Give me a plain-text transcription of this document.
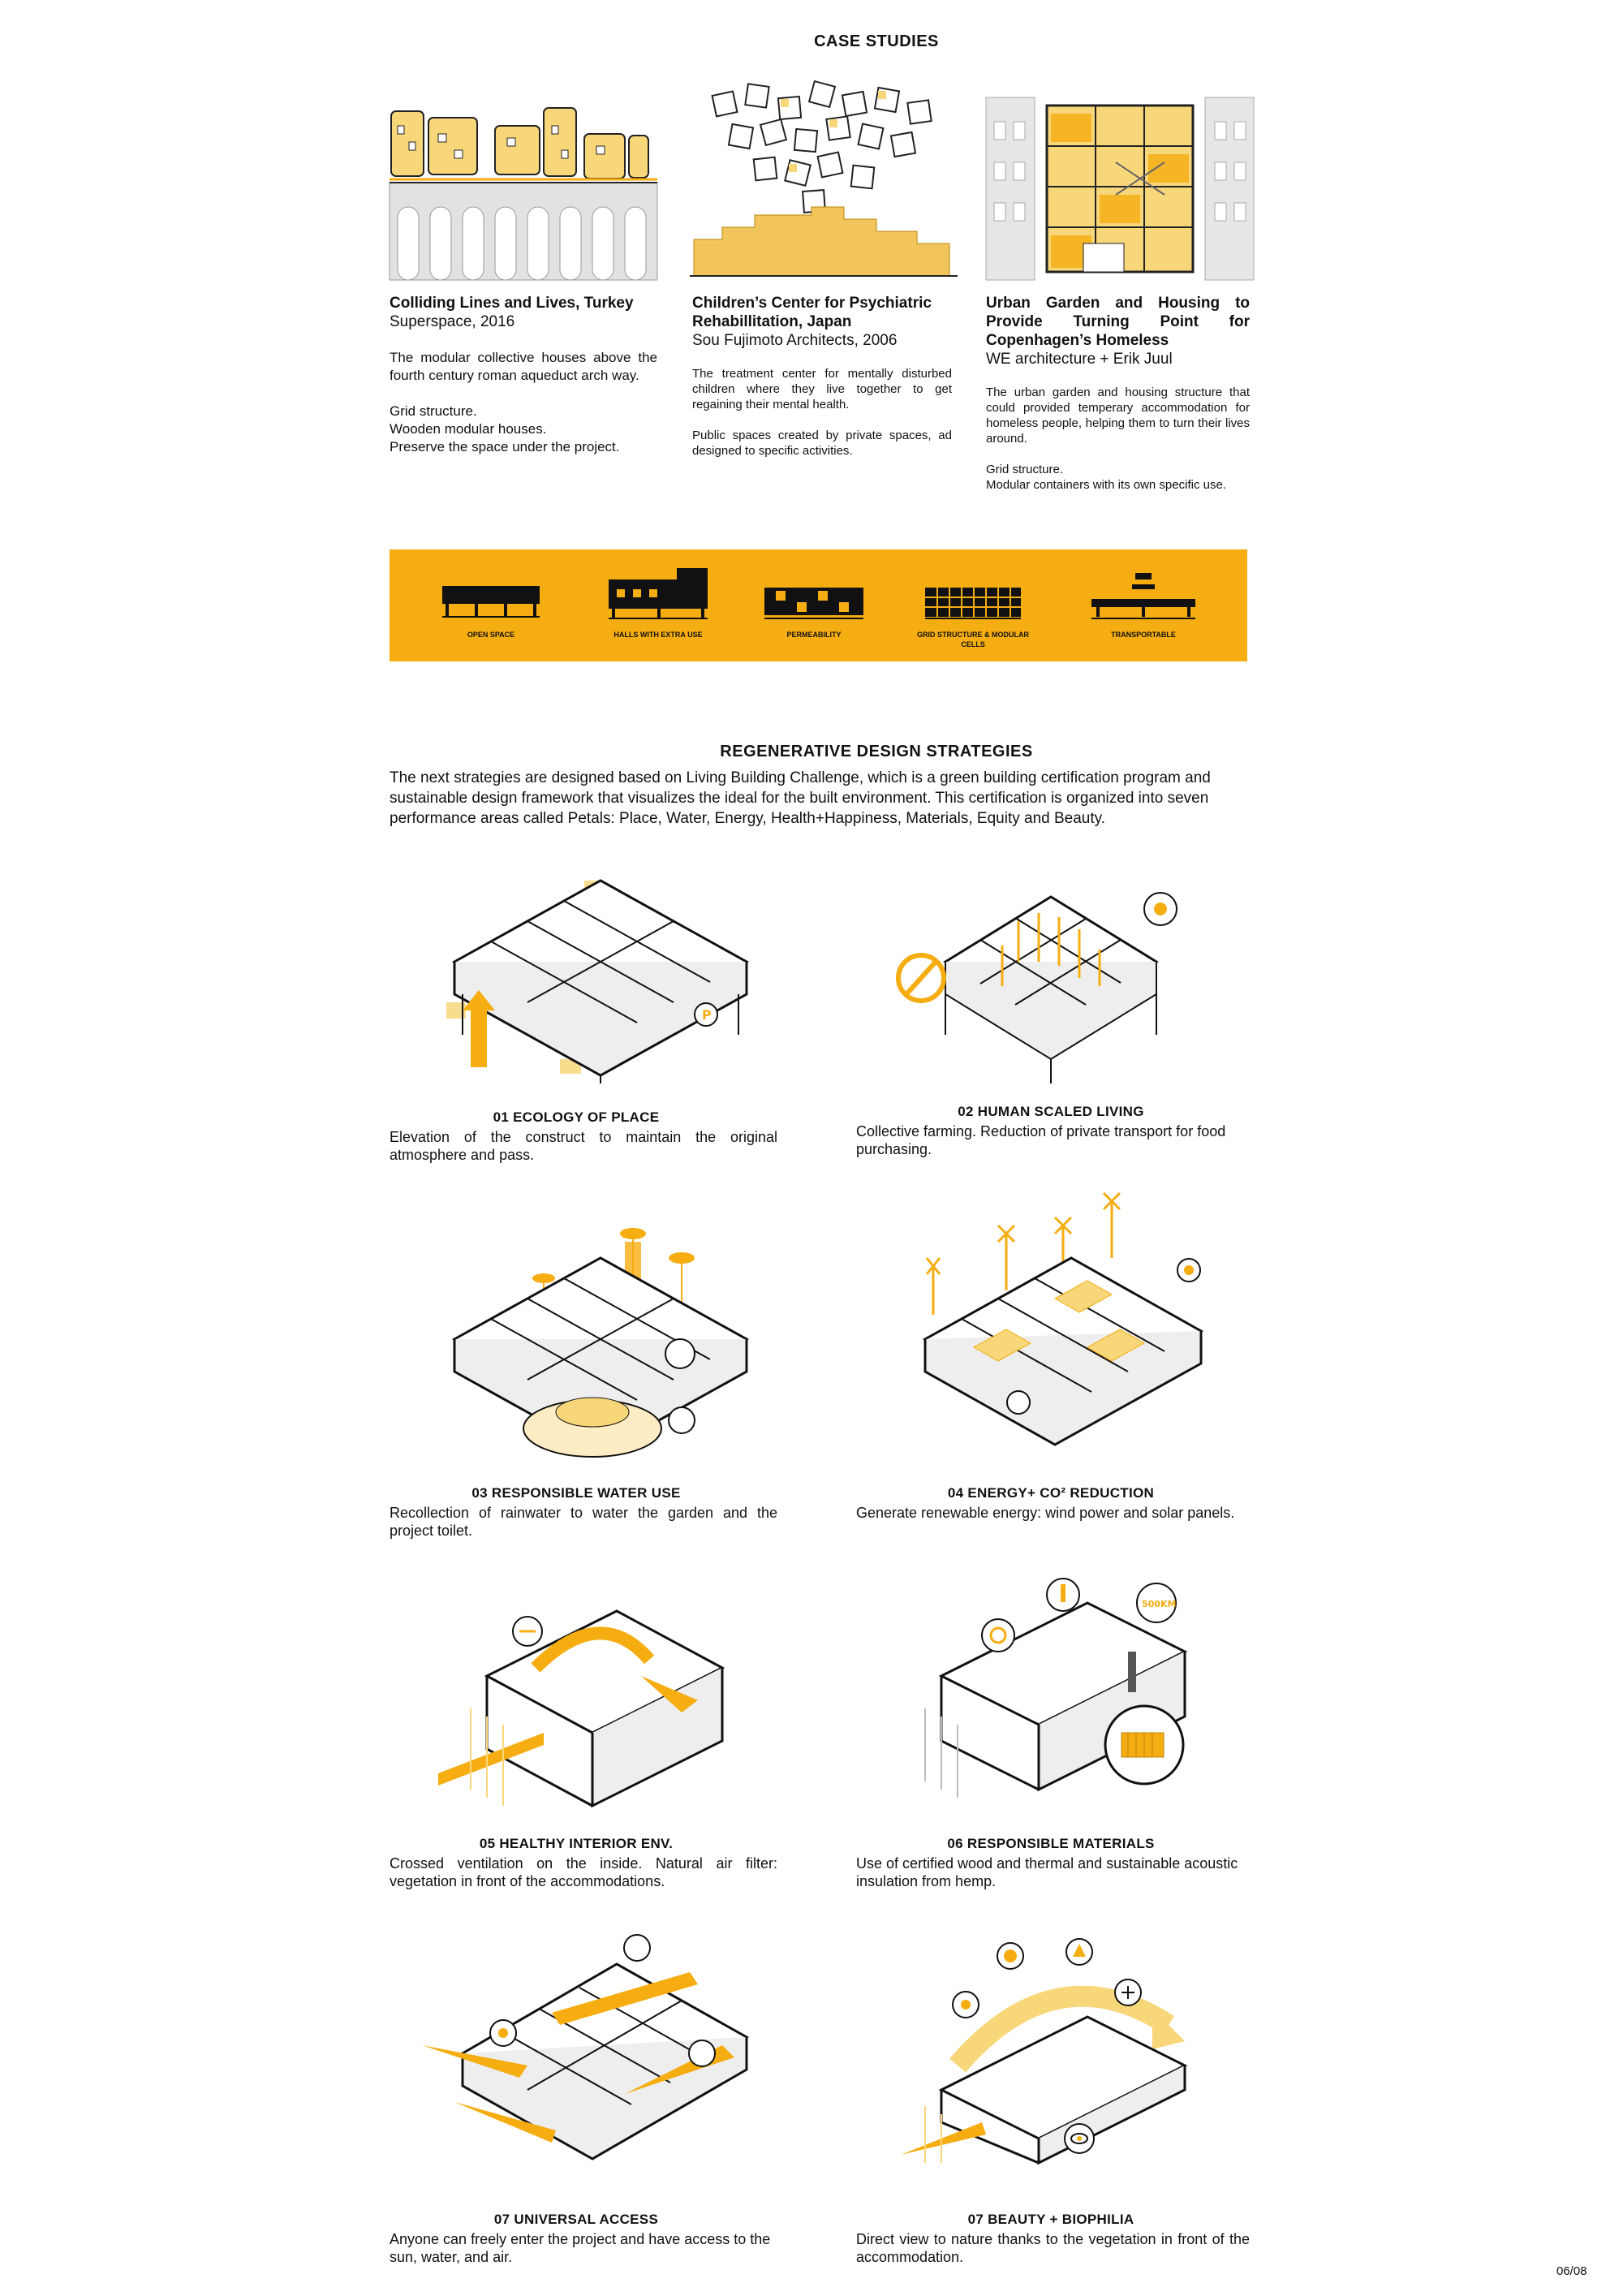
CASE STUDIES
Colliding Lines and Lives, Turkey
Superspace, 2016
The modular collective houses above the fourth century roman aqueduct arch way.

Grid structure.
Wooden modular houses.
Preserve the space under the project.
Children’s Center for Psychiatric Rehabillitation, Japan
Sou Fujimoto Architects, 2006
The treatment center for mentally disturbed children where they live together to get regaining their mental health.

Public spaces created by private spaces, ad designed to specific activities.
Urban Garden and Housing to Provide Turning Point for Copenhagen’s Homeless
WE architecture + Erik Juul
The urban garden and housing structure that could provided temperary accommodation for homeless people, helping them to turn their lives around.

Grid structure.
Modular containers with its own specific use.
OPEN SPACE	HALLS WITH EXTRA USE	PERMEABILITY	GRID STRUCTURE & MODULAR CELLS
TRANSPORTABLE
REGENERATIVE DESIGN STRATEGIES
The next strategies are designed based on Living Building Challenge, which is a green building certification program and sustainable design framework that visualizes the ideal for the built environment. This certification is organized into seven performance areas called Petals: Place, Water, Energy, Health+Happiness, Materials, Equity and Beauty.
P
01 ECOLOGY OF PLACE
Elevation of the construct to maintain the original atmosphere and pass.
02 HUMAN SCALED LIVING
Collective farming. Reduction of private transport for food purchasing.
03 RESPONSIBLE WATER USE
Recollection of rainwater to water the garden and the project toilet.
04 ENERGY+ CO² REDUCTION
Generate renewable energy: wind power and solar panels.
05 HEALTHY INTERIOR ENV.
Crossed ventilation on the inside. Natural air filter: vegetation in front of the accommodations.
500KM
06 RESPONSIBLE MATERIALS
Use of certified wood and thermal and sustainable acoustic insulation from hemp.
07 UNIVERSAL ACCESS
Anyone can freely enter the project and have access to the sun, water, and air.
07 BEAUTY + BIOPHILIA
Direct view to nature thanks to the vegetation in front of the accommodation.
06/08
